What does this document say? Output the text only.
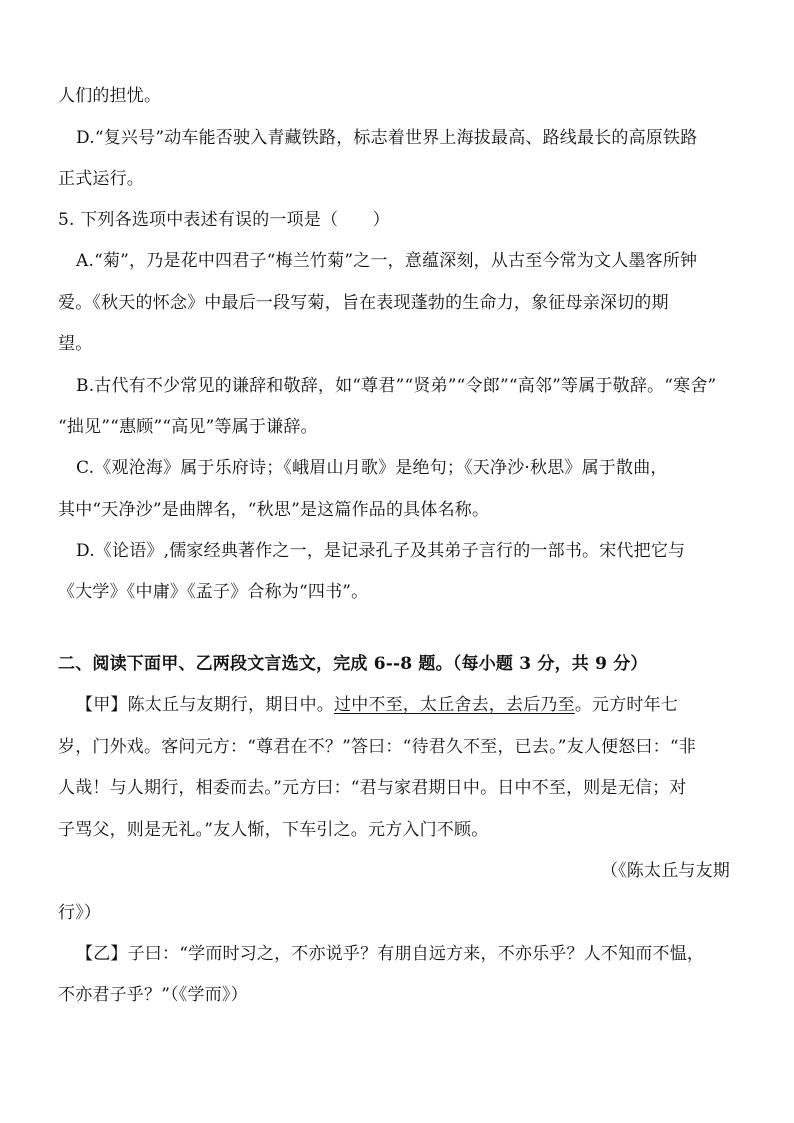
人们的担忧。
D.“复兴号”动车能否驶入青藏铁路，标志着世界上海拔最高、路线最长的高原铁路
正式运行。
5. 下列各选项中表述有误的一项是（　　）
A.“菊”，乃是花中四君子“梅兰竹菊”之一，意蕴深刻，从古至今常为文人墨客所钟
爱。《秋天的怀念》中最后一段写菊，旨在表现蓬勃的生命力，象征母亲深切的期
望。
B.古代有不少常见的谦辞和敬辞，如“尊君”“贤弟”“令郎”“高邻”等属于敬辞。“寒舍”
“拙见”“惠顾”“高见”等属于谦辞。
C.《观沧海》属于乐府诗；《峨眉山月歌》是绝句；《天净沙·秋思》属于散曲，
其中“天净沙”是曲牌名，“秋思”是这篇作品的具体名称。
D.《论语》,儒家经典著作之一，是记录孔子及其弟子言行的一部书。宋代把它与
《大学》《中庸》《孟子》合称为“四书”。
二、阅读下面甲、乙两段文言选文，完成 6--8 题。（每小题 3 分，共 9 分）
【甲】陈太丘与友期行，期日中。过中不至，太丘舍去，去后乃至。元方时年七
岁，门外戏。客问元方：“尊君在不？”答曰：“待君久不至，已去。”友人便怒曰：“非
人哉！与人期行，相委而去。”元方曰：“君与家君期日中。日中不至，则是无信；对
子骂父，则是无礼。”友人惭，下车引之。元方入门不顾。
（《陈太丘与友期
行》）
【乙】子曰：“学而时习之，不亦说乎？有朋自远方来，不亦乐乎？人不知而不愠，
不亦君子乎？”（《学而》）
